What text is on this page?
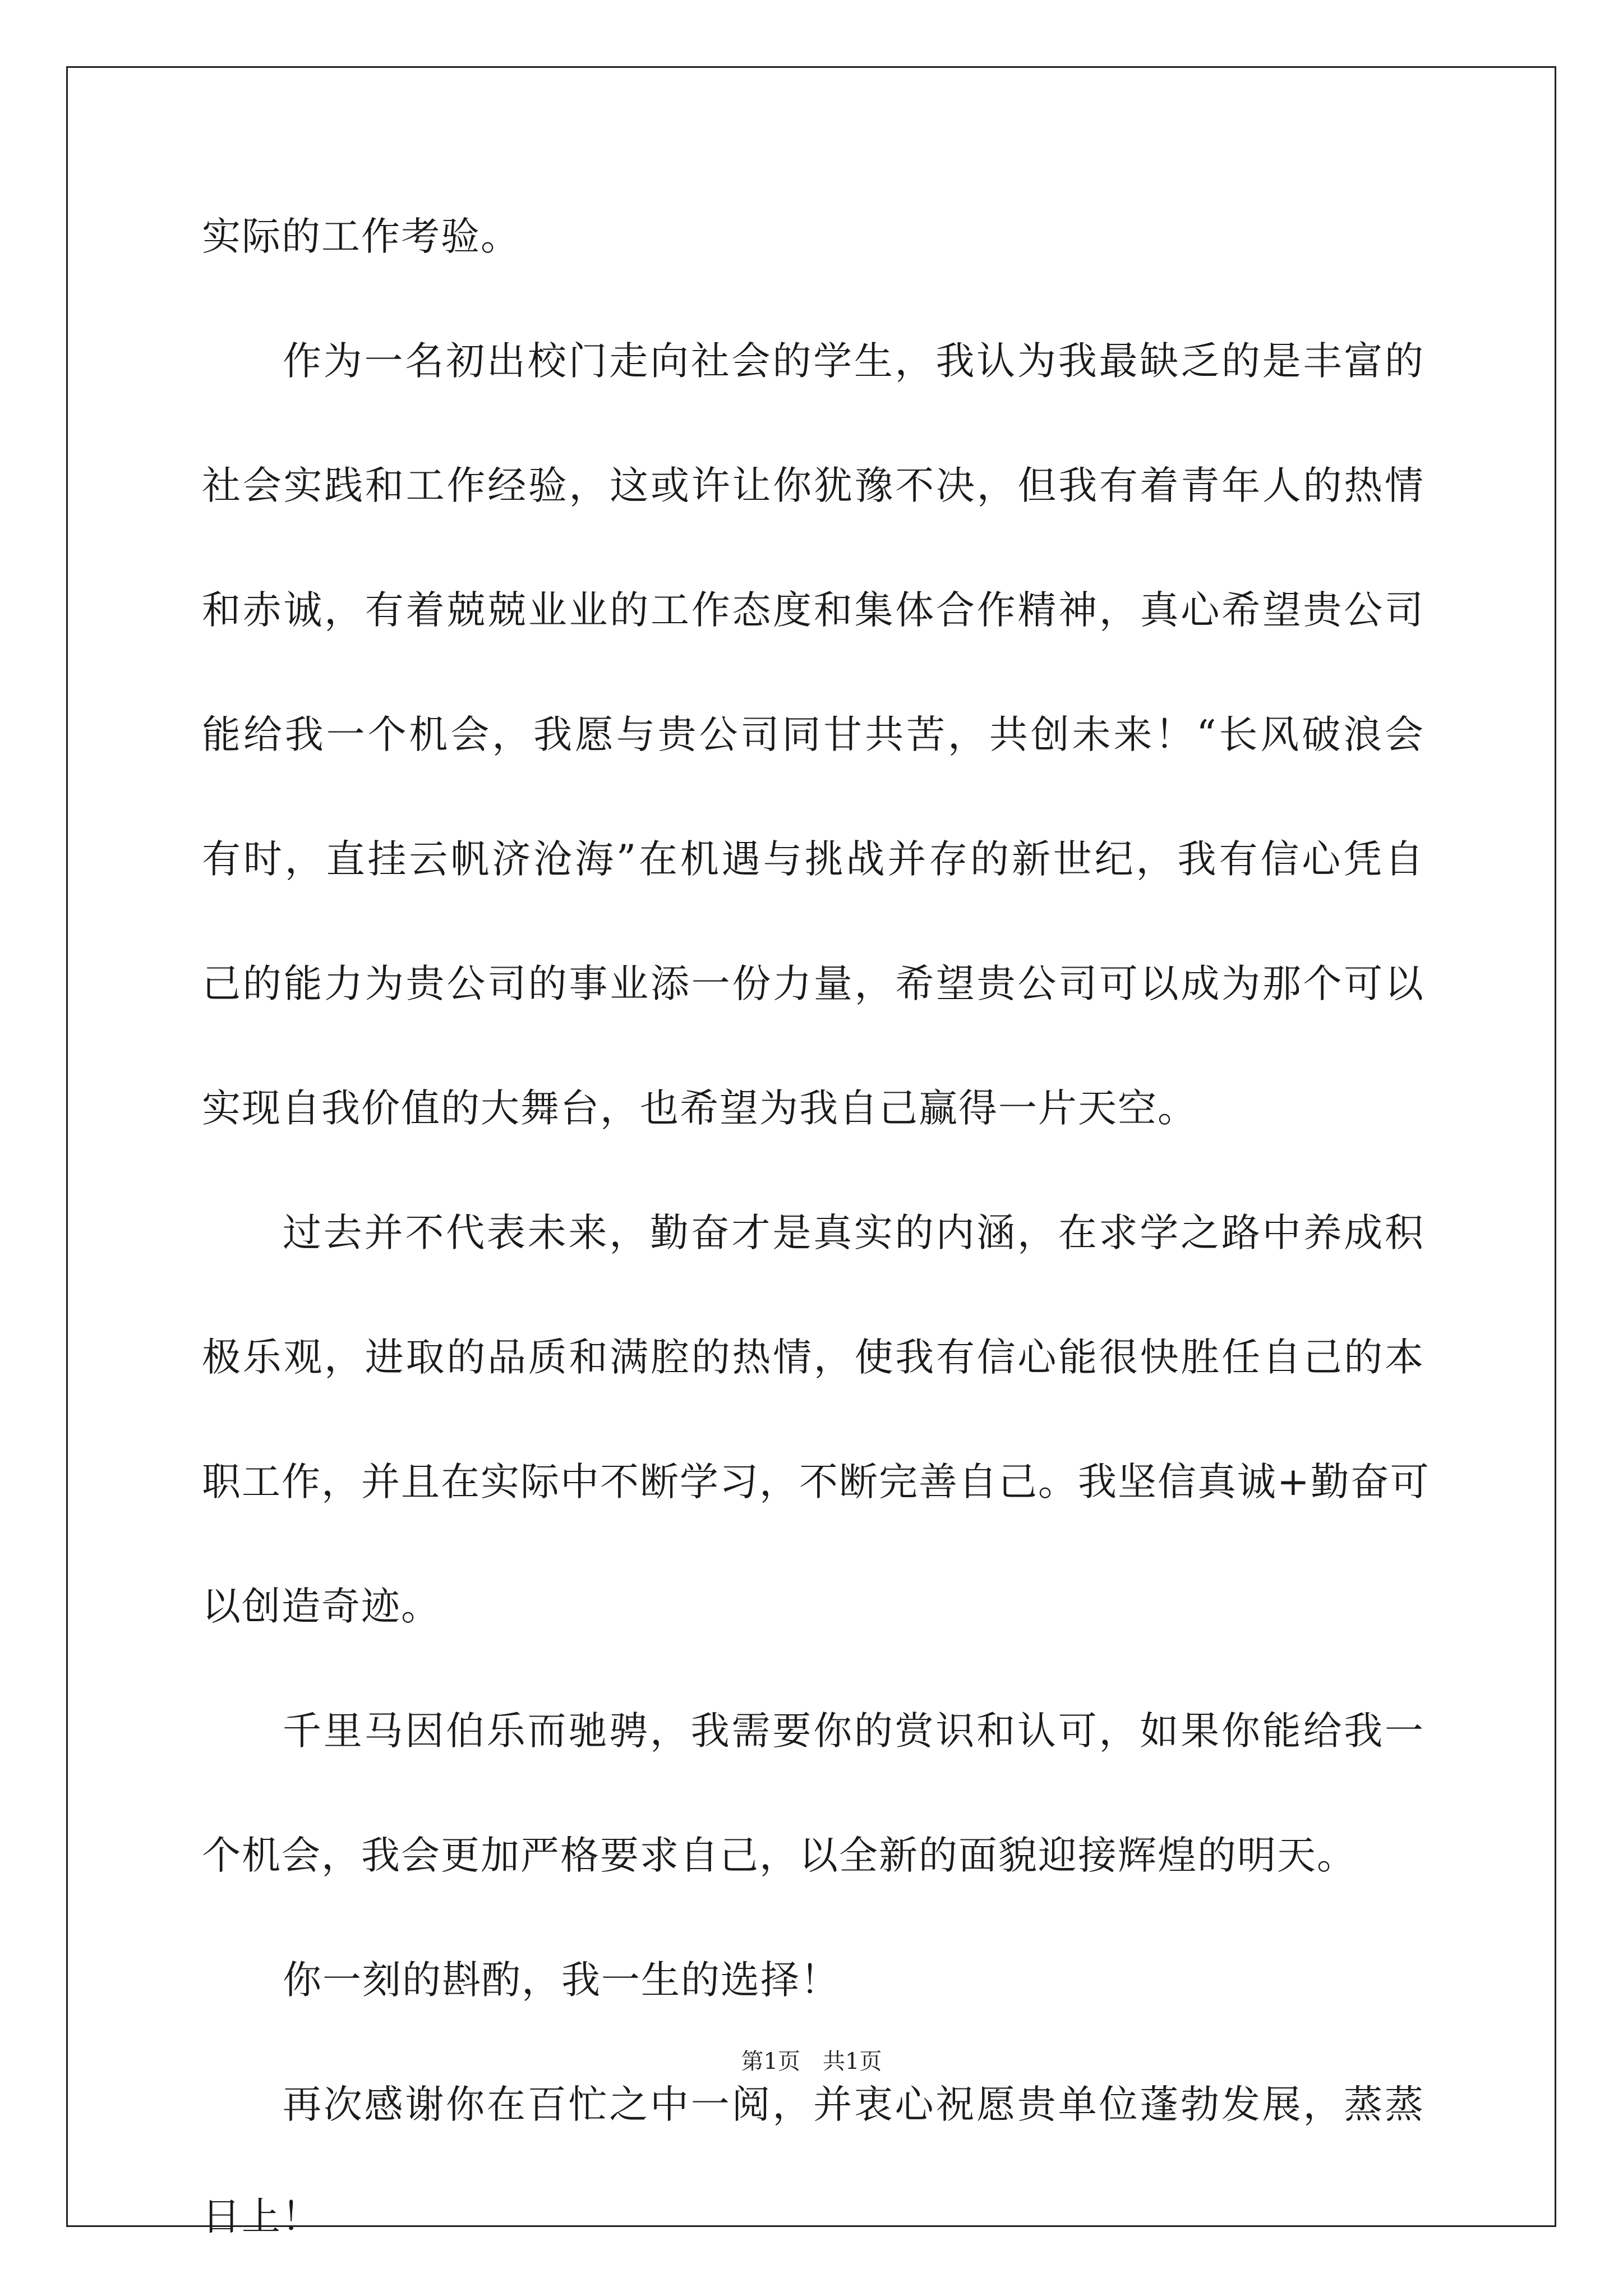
实际的工作考验。
作为一名初出校门走向社会的学生，我认为我最缺乏的是丰富的
社会实践和工作经验，这或许让你犹豫不决，但我有着青年人的热情
和赤诚，有着兢兢业业的工作态度和集体合作精神，真心希望贵公司
能给我一个机会，我愿与贵公司同甘共苦，共创未来！“长风破浪会
有时，直挂云帆济沧海”在机遇与挑战并存的新世纪，我有信心凭自
己的能力为贵公司的事业添一份力量，希望贵公司可以成为那个可以
实现自我价值的大舞台，也希望为我自己赢得一片天空。
过去并不代表未来，勤奋才是真实的内涵，在求学之路中养成积
极乐观，进取的品质和满腔的热情，使我有信心能很快胜任自己的本
职工作，并且在实际中不断学习，不断完善自己。我坚信真诚+勤奋可
以创造奇迹。
千里马因伯乐而驰骋，我需要你的赏识和认可，如果你能给我一
个机会，我会更加严格要求自己，以全新的面貌迎接辉煌的明天。
你一刻的斟酌，我一生的选择！
再次感谢你在百忙之中一阅，并衷心祝愿贵单位蓬勃发展，蒸蒸
日上！
第1页　共1页
